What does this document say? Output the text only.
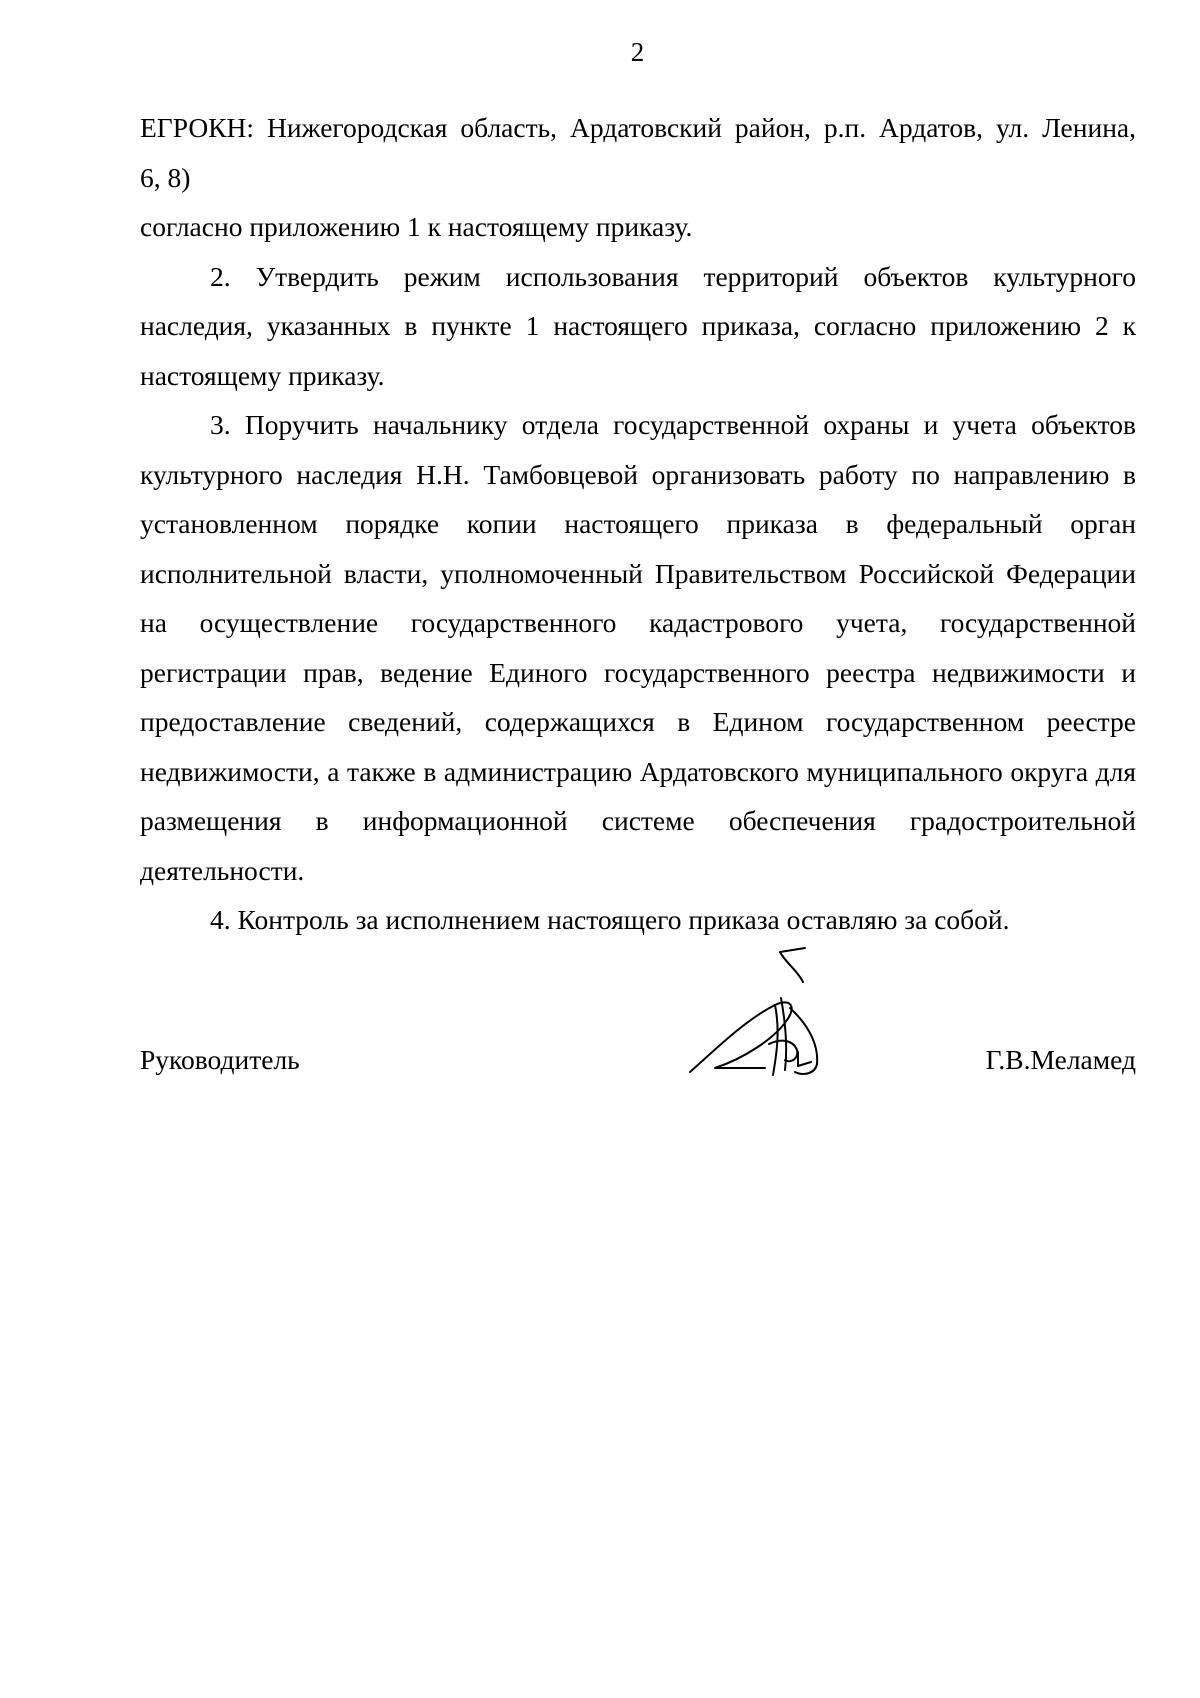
2

ЕГРОКН: Нижегородская область, Ардатовский район, р.п. Ардатов, ул. Ленина,

6, 8)

согласно приложению 1 к настоящему приказу.

2. Утвердить режим использования территорий объектов культурного наследия, указанных в пункте 1 настоящего приказа, согласно приложению 2 к настоящему приказу.

3. Поручить начальнику отдела государственной охраны и учета объектов культурного наследия Н.Н. Тамбовцевой организовать работу по направлению в установленном порядке копии настоящего приказа в федеральный орган исполнительной власти, уполномоченный Правительством Российской Федерации на осуществление государственного кадастрового учета, государственной регистрации прав, ведение Единого государственного реестра недвижимости и предоставление сведений, содержащихся в Едином государственном реестре недвижимости, а также в администрацию Ардатовского муниципального округа для размещения в информационной системе обеспечения градостроительной деятельности.

4. Контроль за исполнением настоящего приказа оставляю за собой.

Руководитель	Г.В.Меламед
